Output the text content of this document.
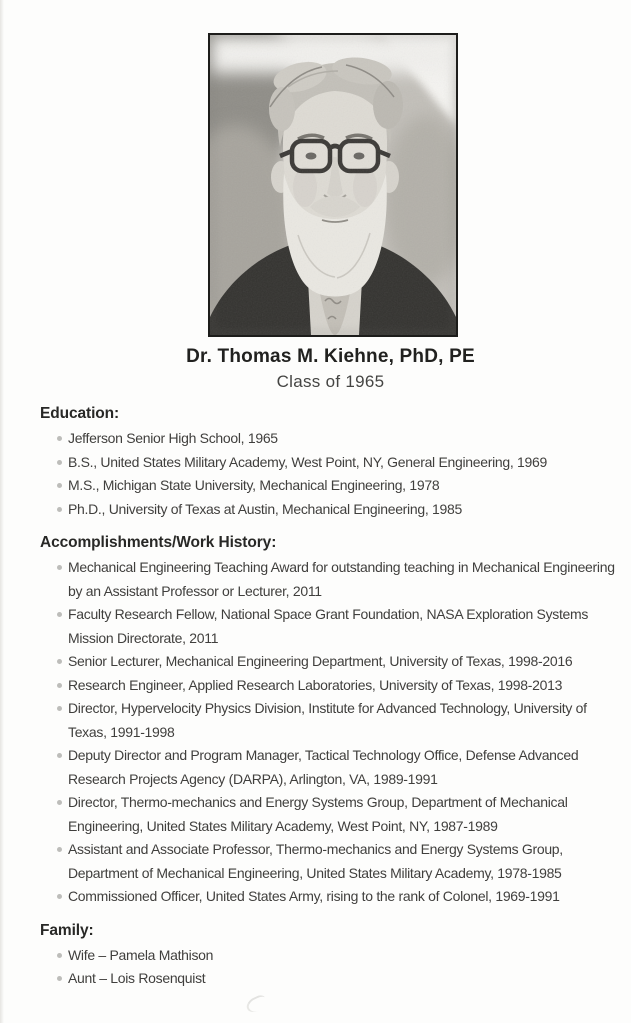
Dr. Thomas M. Kiehne, PhD, PE
Class of 1965
Education:
Jefferson Senior High School, 1965
B.S., United States Military Academy, West Point, NY, General Engineering, 1969
M.S., Michigan State University, Mechanical Engineering, 1978
Ph.D., University of Texas at Austin, Mechanical Engineering, 1985
Accomplishments/Work History:
Mechanical Engineering Teaching Award for outstanding teaching in Mechanical Engineering by an Assistant Professor or Lecturer, 2011
Faculty Research Fellow, National Space Grant Foundation, NASA Exploration Systems Mission Directorate, 2011
Senior Lecturer, Mechanical Engineering Department, University of Texas, 1998-2016
Research Engineer, Applied Research Laboratories, University of Texas, 1998-2013
Director, Hypervelocity Physics Division, Institute for Advanced Technology, University of Texas, 1991-1998
Deputy Director and Program Manager, Tactical Technology Office, Defense Advanced Research Projects Agency (DARPA), Arlington, VA, 1989-1991
Director, Thermo-mechanics and Energy Systems Group, Department of Mechanical Engineering, United States Military Academy, West Point, NY, 1987-1989
Assistant and Associate Professor, Thermo-mechanics and Energy Systems Group, Department of Mechanical Engineering, United States Military Academy, 1978-1985
Commissioned Officer, United States Army, rising to the rank of Colonel, 1969-1991
Family:
Wife – Pamela Mathison
Aunt – Lois Rosenquist
